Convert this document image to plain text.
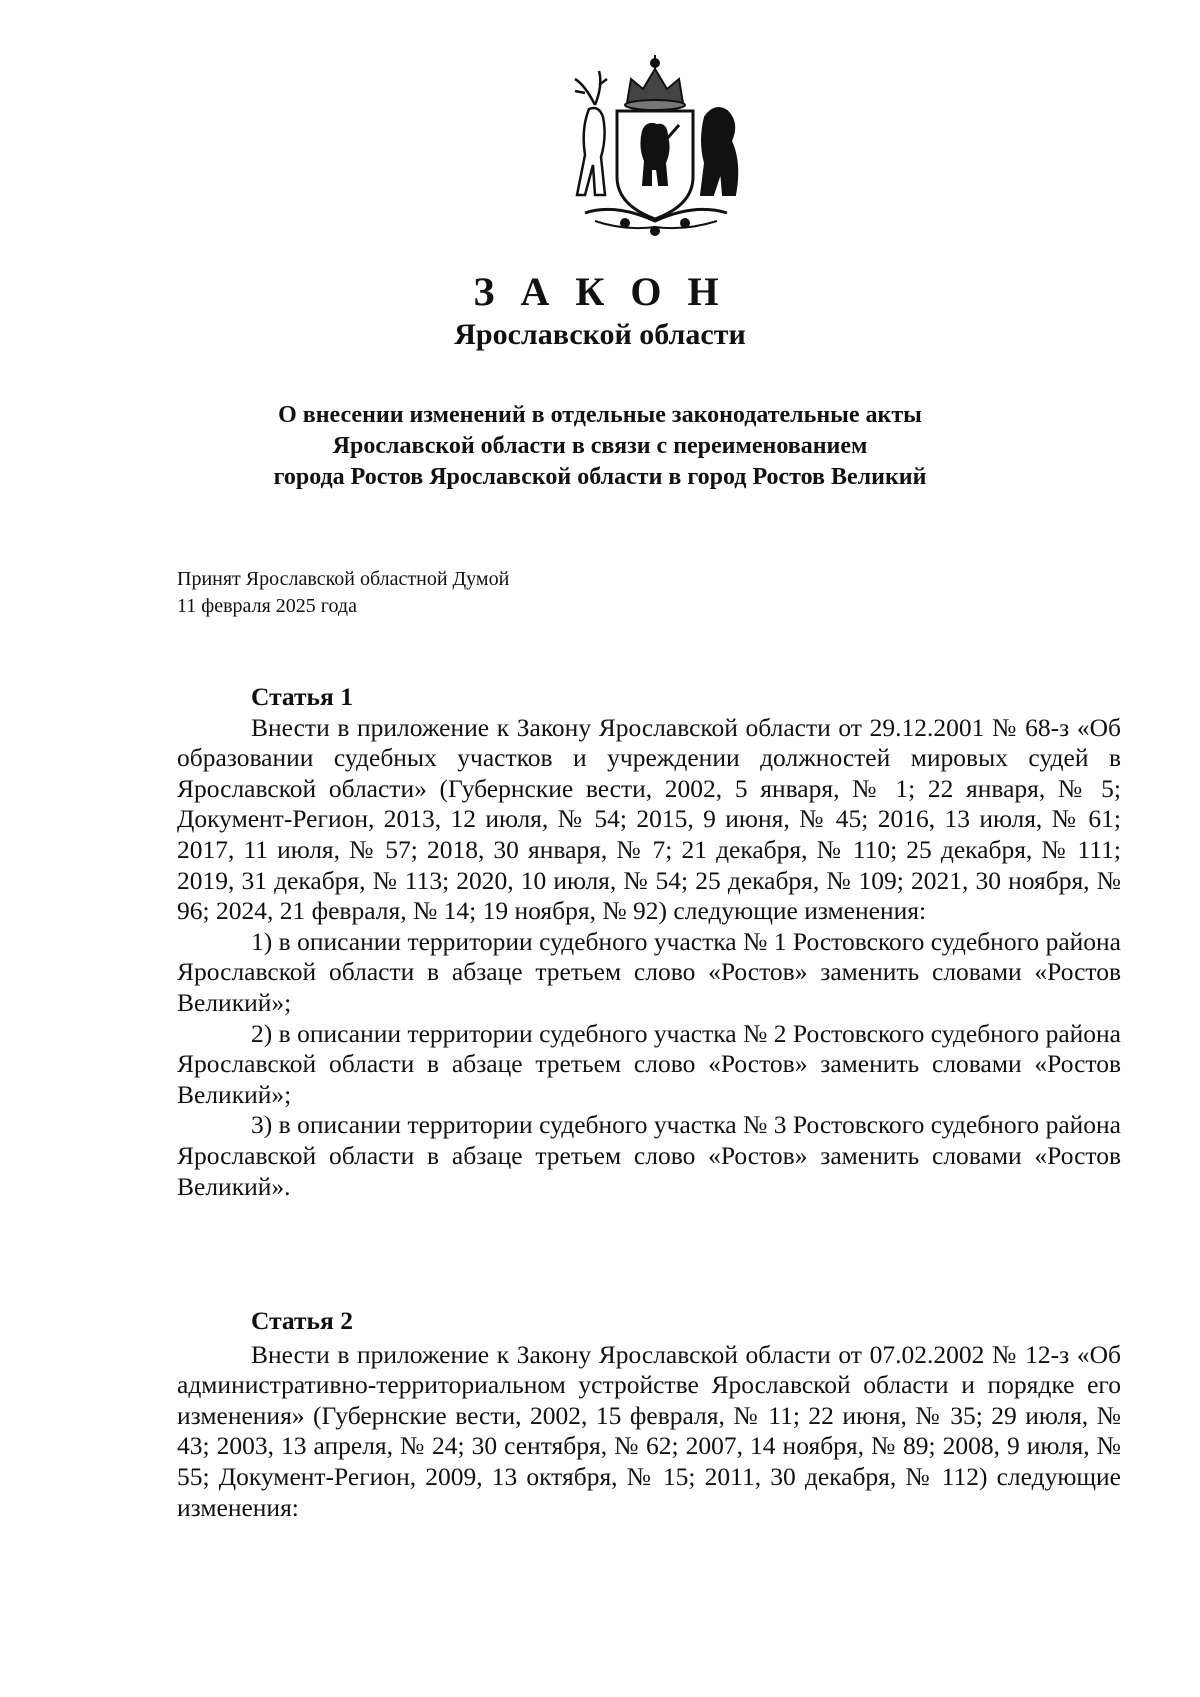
З А К О Н
Ярославской области
О внесении изменений в отдельные законодательные акты
Ярославской области в связи с переименованием
города Ростов Ярославской области в город Ростов Великий
Принят Ярославской областной Думой
11 февраля 2025 года
Статья 1

Внести в приложение к Закону Ярославской области от 29.12.2001 № 68-з «Об образовании судебных участков и учреждении должностей мировых судей в Ярославской области» (Губернские вести, 2002, 5 января, № 1; 22 января, № 5; Документ-Регион, 2013, 12 июля, № 54; 2015, 9 июня, № 45; 2016, 13 июля, № 61; 2017, 11 июля, № 57; 2018, 30 января, № 7; 21 декабря, № 110; 25 декабря, № 111; 2019, 31 декабря, № 113; 2020, 10 июля, № 54; 25 декабря, № 109; 2021, 30 ноября, № 96; 2024, 21 февраля, № 14; 19 ноября, № 92) следующие изменения:

1) в описании территории судебного участка № 1 Ростовского судебного района Ярославской области в абзаце третьем слово «Ростов» заменить словами «Ростов Великий»;

2) в описании территории судебного участка № 2 Ростовского судебного района Ярославской области в абзаце третьем слово «Ростов» заменить словами «Ростов Великий»;

3) в описании территории судебного участка № 3 Ростовского судебного района Ярославской области в абзаце третьем слово «Ростов» заменить словами «Ростов Великий».

Статья 2

Внести в приложение к Закону Ярославской области от 07.02.2002 № 12-з «Об административно-территориальном устройстве Ярославской области и порядке его изменения» (Губернские вести, 2002, 15 февраля, № 11; 22 июня, № 35; 29 июля, № 43; 2003, 13 апреля, № 24; 30 сентября, № 62; 2007, 14 ноября, № 89; 2008, 9 июля, № 55; Документ-Регион, 2009, 13 октября, № 15; 2011, 30 декабря, № 112) следующие изменения:
